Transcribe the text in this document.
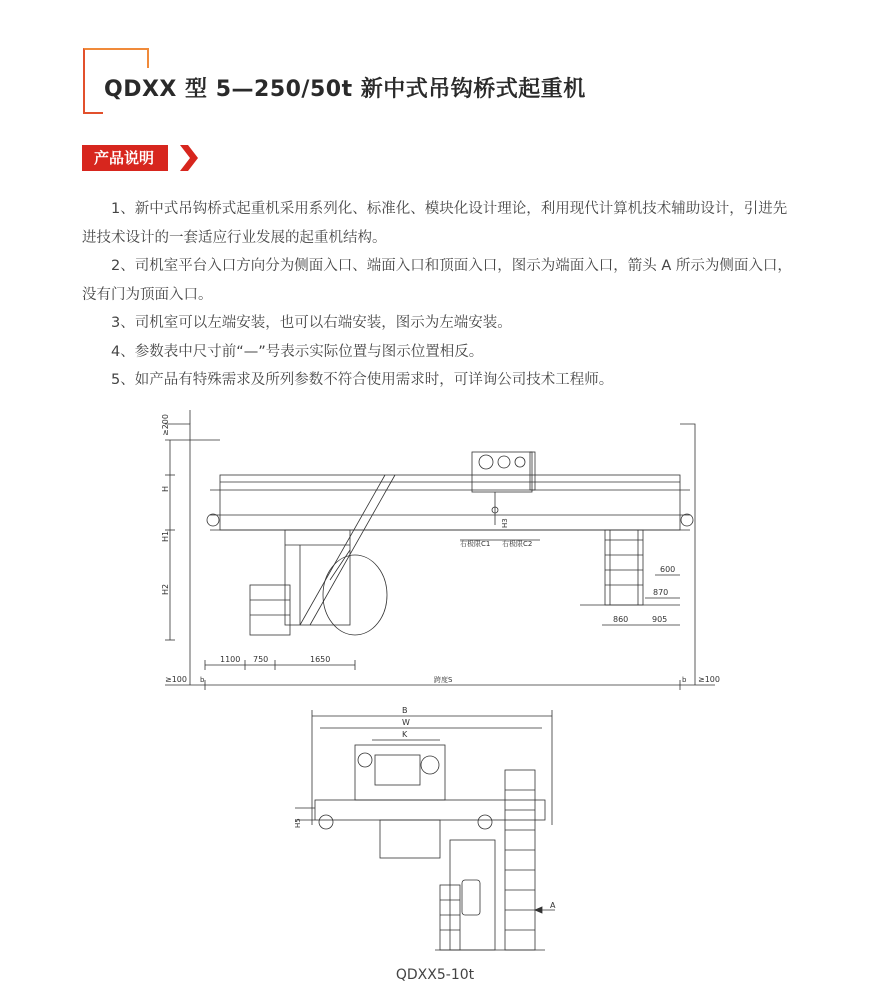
QDXX 型 5—250/50t 新中式吊钩桥式起重机
产品说明

1、新中式吊钩桥式起重机采用系列化、标准化、模块化设计理论，利用现代计算机技术辅助设计，引进先进技术设计的一套适应行业发展的起重机结构。

2、司机室平台入口方向分为侧面入口、端面入口和顶面入口，图示为端面入口，箭头 A 所示为侧面入口，没有门为顶面入口。

3、司机室可以左端安装，也可以右端安装，图示为左端安装。

4、参数表中尺寸前“—”号表示实际位置与图示位置相反。

5、如产品有特殊需求及所列参数不符合使用需求时，可详询公司技术工程师。

≥200
H
H1
H2
H3
右极限C1 右极限C2
600
870
860	905
1100 750	1650
≥100 b	跨度S	b ≥100
B
W
K
H5
A
QDXX5-10t
